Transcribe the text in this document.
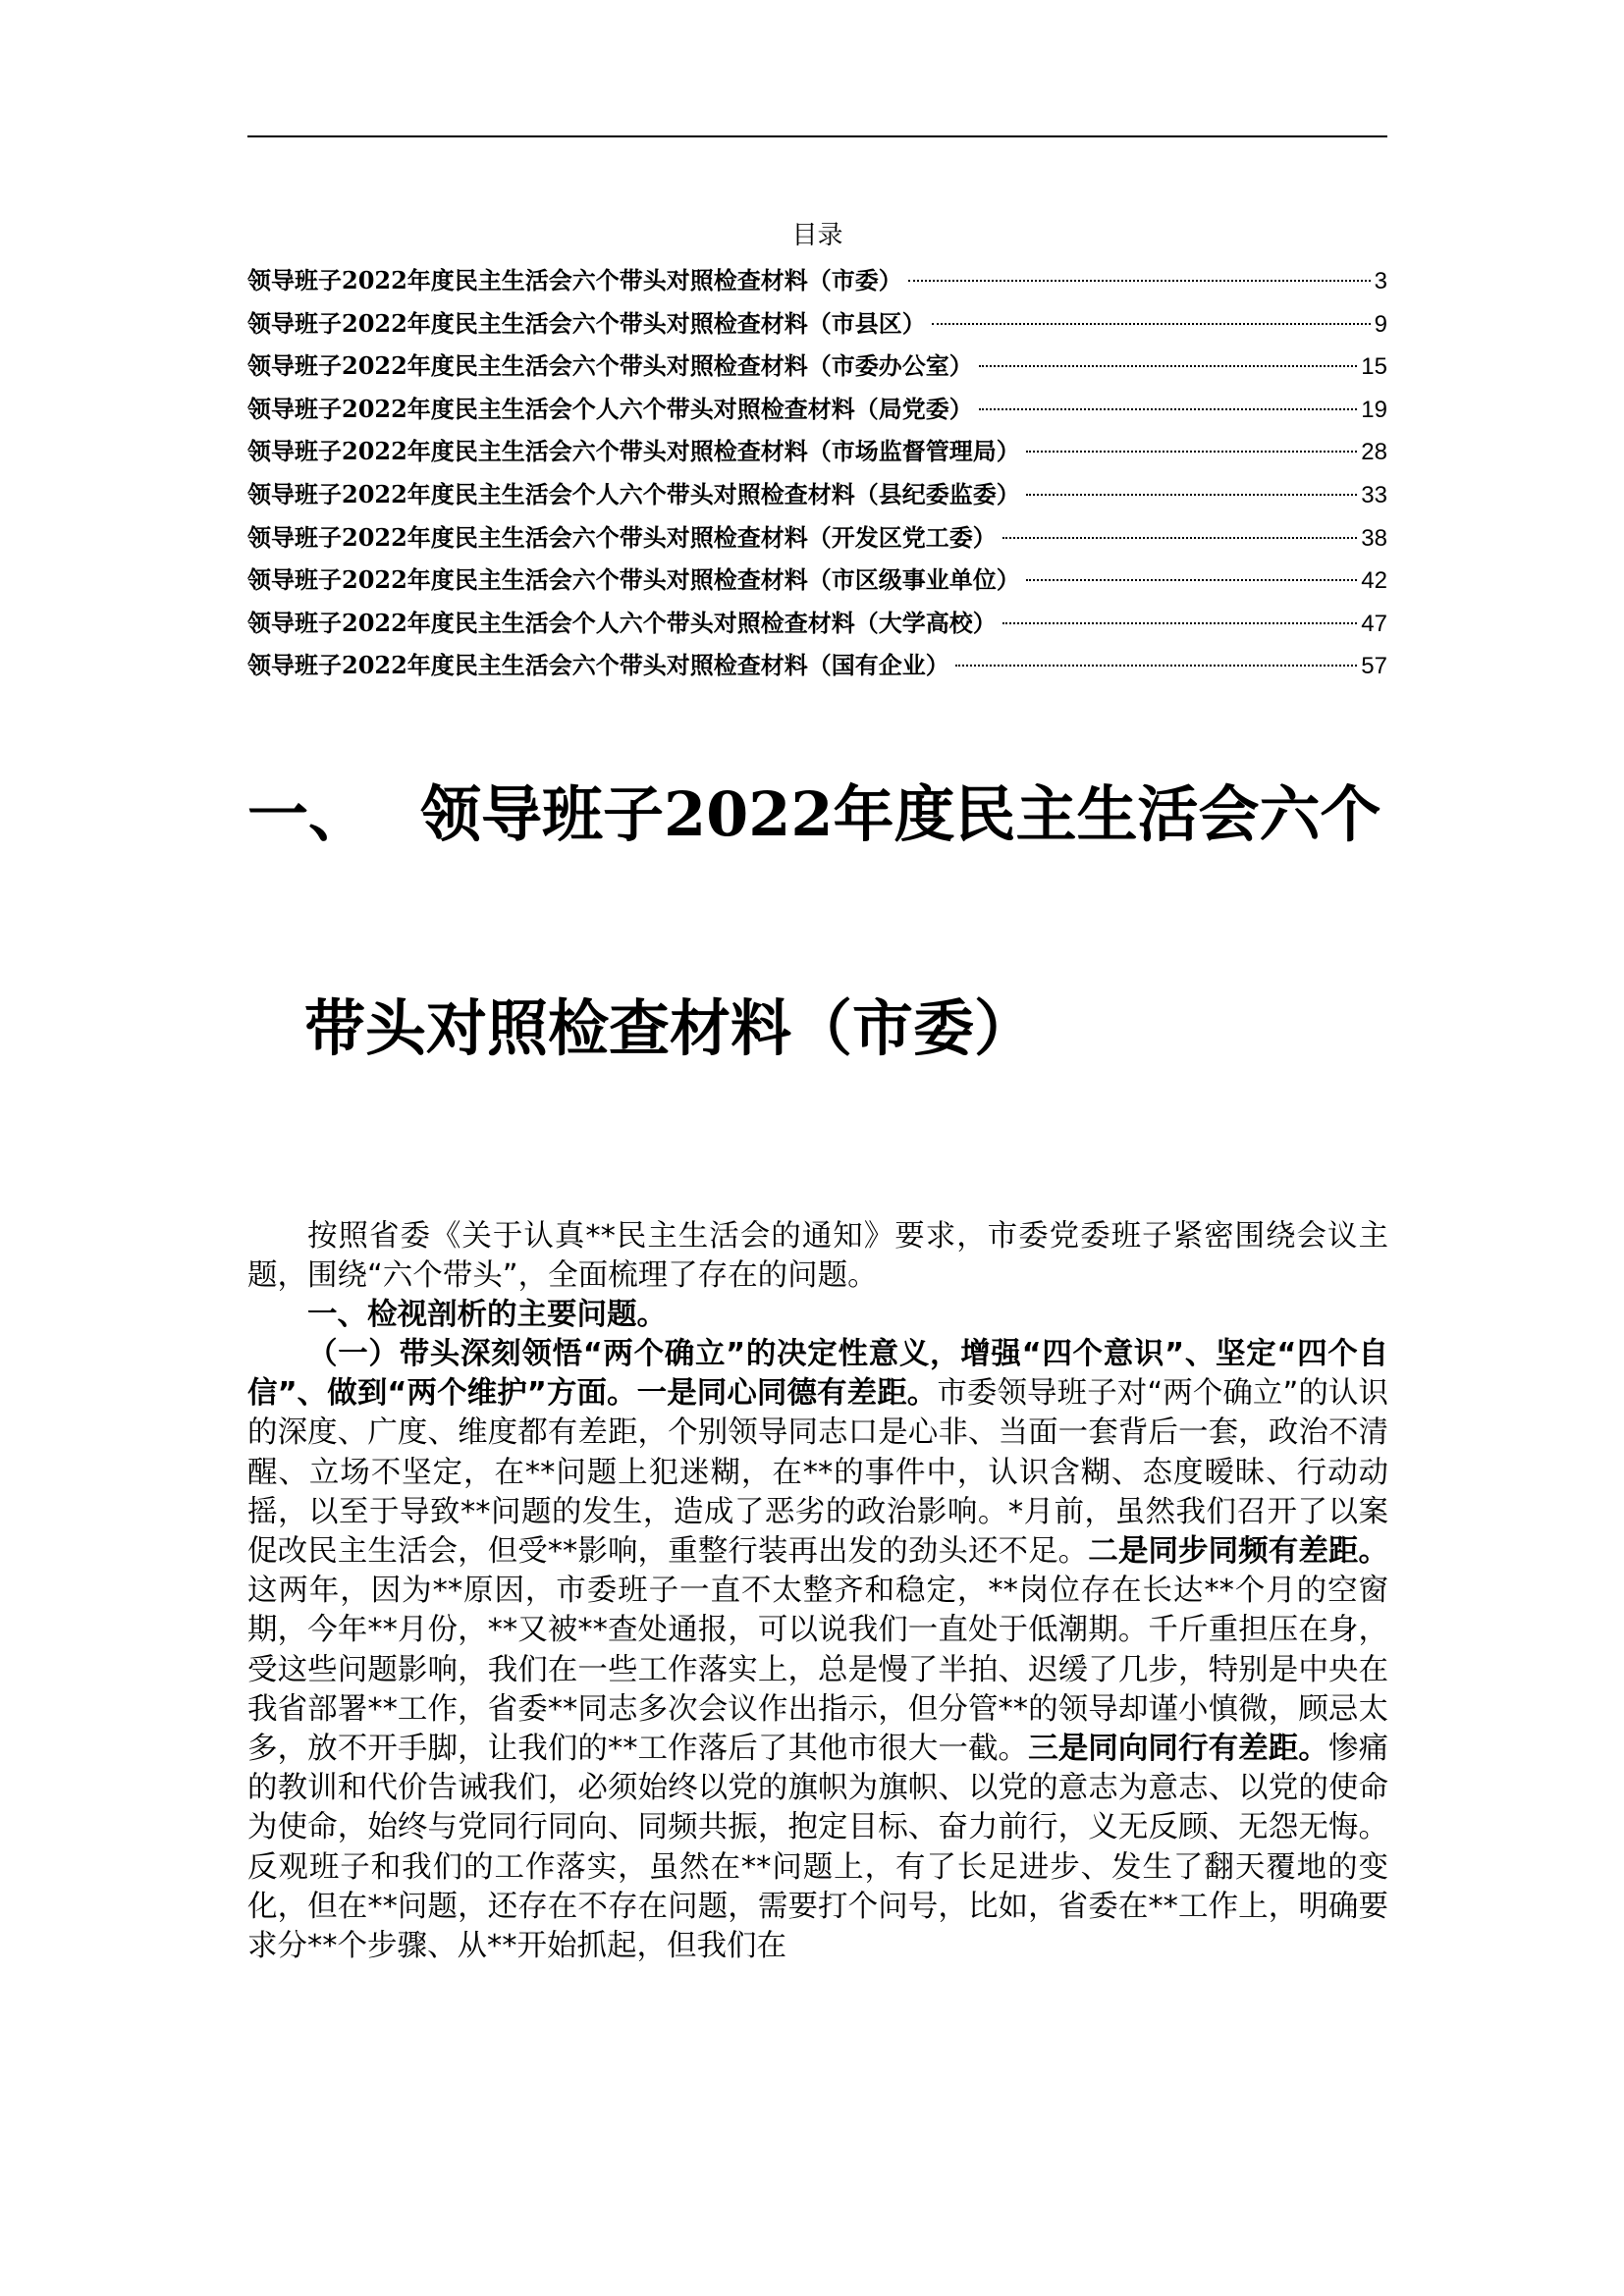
目录
领导班子2022年度民主生活会六个带头对照检查材料（市委）	3
领导班子2022年度民主生活会六个带头对照检查材料（市县区）	9
领导班子2022年度民主生活会六个带头对照检查材料（市委办公室）	15
领导班子2022年度民主生活会个人六个带头对照检查材料（局党委）	19
领导班子2022年度民主生活会六个带头对照检查材料（市场监督管理局）	28
领导班子2022年度民主生活会个人六个带头对照检查材料（县纪委监委）	33
领导班子2022年度民主生活会六个带头对照检查材料（开发区党工委）	38
领导班子2022年度民主生活会六个带头对照检查材料（市区级事业单位）	42
领导班子2022年度民主生活会个人六个带头对照检查材料（大学高校）	47
领导班子2022年度民主生活会六个带头对照检查材料（国有企业）	57
一、 领导班子2022年度民主生活会六个
带头对照检查材料（市委）

按照省委《关于认真**民主生活会的通知》要求，市委党委班子紧密围绕会议主题，围绕“六个带头”，全面梳理了存在的问题。

一、检视剖析的主要问题。

（一）带头深刻领悟“两个确立”的决定性意义，增强“四个意识”、坚定“四个自信”、做到“两个维护”方面。一是同心同德有差距。市委领导班子对“两个确立”的认识的深度、广度、维度都有差距，个别领导同志口是心非、当面一套背后一套，政治不清醒、立场不坚定，在**问题上犯迷糊，在**的事件中，认识含糊、态度暧昧、行动动摇，以至于导致**问题的发生，造成了恶劣的政治影响。*月前，虽然我们召开了以案促改民主生活会，但受**影响，重整行装再出发的劲头还不足。二是同步同频有差距。这两年，因为**原因，市委班子一直不太整齐和稳定，**岗位存在长达**个月的空窗期，今年**月份，**又被**查处通报，可以说我们一直处于低潮期。千斤重担压在身，受这些问题影响，我们在一些工作落实上，总是慢了半拍、迟缓了几步，特别是中央在我省部署**工作，省委**同志多次会议作出指示，但分管**的领导却谨小慎微，顾忌太多，放不开手脚，让我们的**工作落后了其他市很大一截。三是同向同行有差距。惨痛的教训和代价告诫我们，必须始终以党的旗帜为旗帜、以党的意志为意志、以党的使命为使命，始终与党同行同向、同频共振，抱定目标、奋力前行，义无反顾、无怨无悔。反观班子和我们的工作落实，虽然在**问题上，有了长足进步、发生了翻天覆地的变化，但在**问题，还存在不存在问题，需要打个问号，比如，省委在**工作上，明确要求分**个步骤、从**开始抓起，但我们在
